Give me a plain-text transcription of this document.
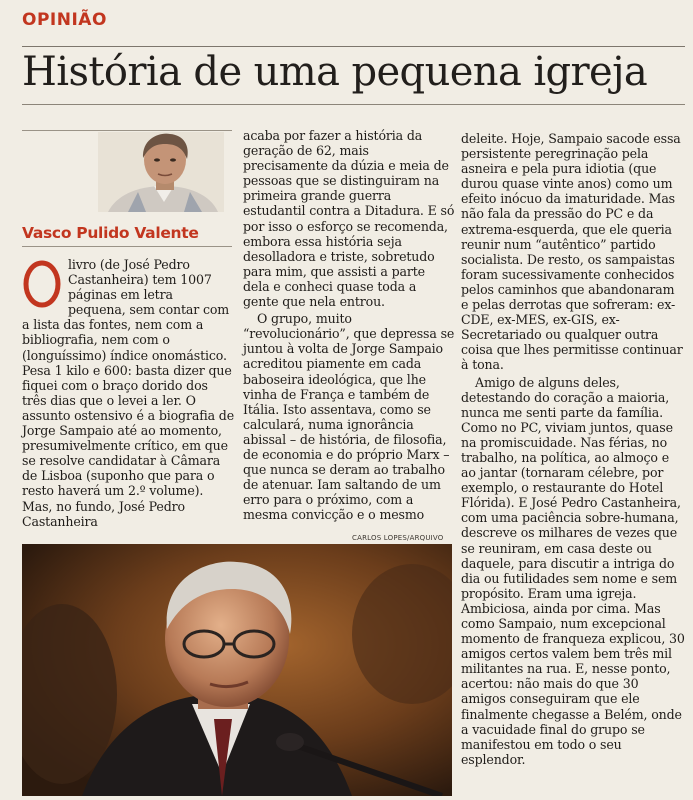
OPINIÃO
História de uma pequena igreja
Vasco Pulido Valente

livro (de José Pedro Castanheira) tem 1007 páginas em letra pequena, sem contar com a lista das fontes, nem com a bibliografia, nem com o (longuíssimo) índice onomástico. Pesa 1 kilo e 600: basta dizer que fiquei com o braço dorido dos três dias que o levei a ler. O assunto ostensivo é a biografia de Jorge Sampaio até ao momento, presumivelmente crítico, em que se resolve candidatar à Câmara de Lisboa (suponho que para o resto haverá um 2.º volume). Mas, no fundo, José Pedro Castanheira

acaba por fazer a história da geração de 62, mais precisamente da dúzia e meia de pessoas que se distinguiram na primeira grande guerra estudantil contra a Ditadura. E só por isso o esforço se recomenda, embora essa história seja desolladora e triste, sobretudo para mim, que assisti a parte dela e conheci quase toda a gente que nela entrou.

O grupo, muito “revolucionário”, que depressa se juntou à volta de Jorge Sampaio acreditou piamente em cada baboseira ideológica, que lhe vinha de França e também de Itália. Isto assentava, como se calculará, numa ignorância abissal – de história, de filosofia, de economia e do próprio Marx – que nunca se deram ao trabalho de atenuar. Iam saltando de um erro para o próximo, com a mesma convicção e o mesmo

deleite. Hoje, Sampaio sacode essa persistente peregrinação pela asneira e pela pura idiotia (que durou quase vinte anos) como um efeito inócuo da imaturidade. Mas não fala da pressão do PC e da extrema-esquerda, que ele queria reunir num “autêntico” partido socialista. De resto, os sampaistas foram sucessivamente conhecidos pelos caminhos que abandonaram e pelas derrotas que sofreram: ex-CDE, ex-MES, ex-GIS, ex-Secretariado ou qualquer outra coisa que lhes permitisse continuar à tona.

Amigo de alguns deles, detestando do coração a maioria, nunca me senti parte da família. Como no PC, viviam juntos, quase na promiscuidade. Nas férias, no trabalho, na política, ao almoço e ao jantar (tornaram célebre, por exemplo, o restaurante do Hotel Flórida). E José Pedro Castanheira, com uma paciência sobre-humana, descreve os milhares de vezes que se reuniram, em casa deste ou daquele, para discutir a intriga do dia ou futilidades sem nome e sem propósito. Eram uma igreja. Ambiciosa, ainda por cima. Mas como Sampaio, num excepcional momento de franqueza explicou, 30 amigos certos valem bem três mil militantes na rua. E, nesse ponto, acertou: não mais do que 30 amigos conseguiram que ele finalmente chegasse a Belém, onde a vacuidade final do grupo se manifestou em todo o seu esplendor.

CARLOS LOPES/ARQUIVO
